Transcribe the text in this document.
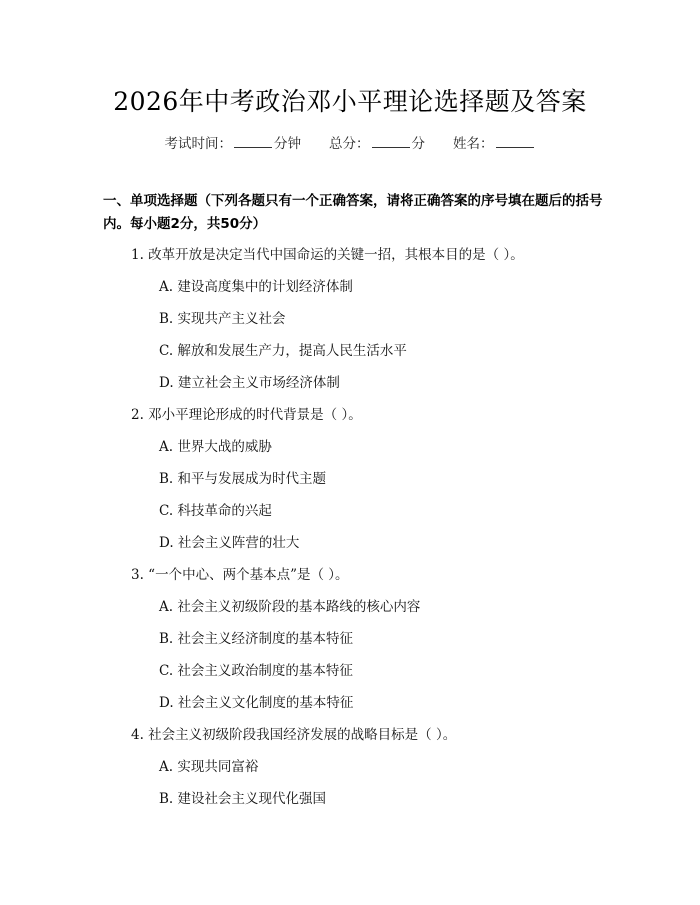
2026年中考政治邓小平理论选择题及答案
考试时间：	分钟 总分：	分 姓名：
一、单项选择题（下列各题只有一个正确答案，请将正确答案的序号填在题后的括号内。每小题2分，共50分）
1. 改革开放是决定当代中国命运的关键一招，其根本目的是（ ）。
A. 建设高度集中的计划经济体制
B. 实现共产主义社会
C. 解放和发展生产力，提高人民生活水平
D. 建立社会主义市场经济体制
2. 邓小平理论形成的时代背景是（ ）。
A. 世界大战的威胁
B. 和平与发展成为时代主题
C. 科技革命的兴起
D. 社会主义阵营的壮大
3. “一个中心、两个基本点”是（ ）。
A. 社会主义初级阶段的基本路线的核心内容
B. 社会主义经济制度的基本特征
C. 社会主义政治制度的基本特征
D. 社会主义文化制度的基本特征
4. 社会主义初级阶段我国经济发展的战略目标是（ ）。
A. 实现共同富裕
B. 建设社会主义现代化强国
